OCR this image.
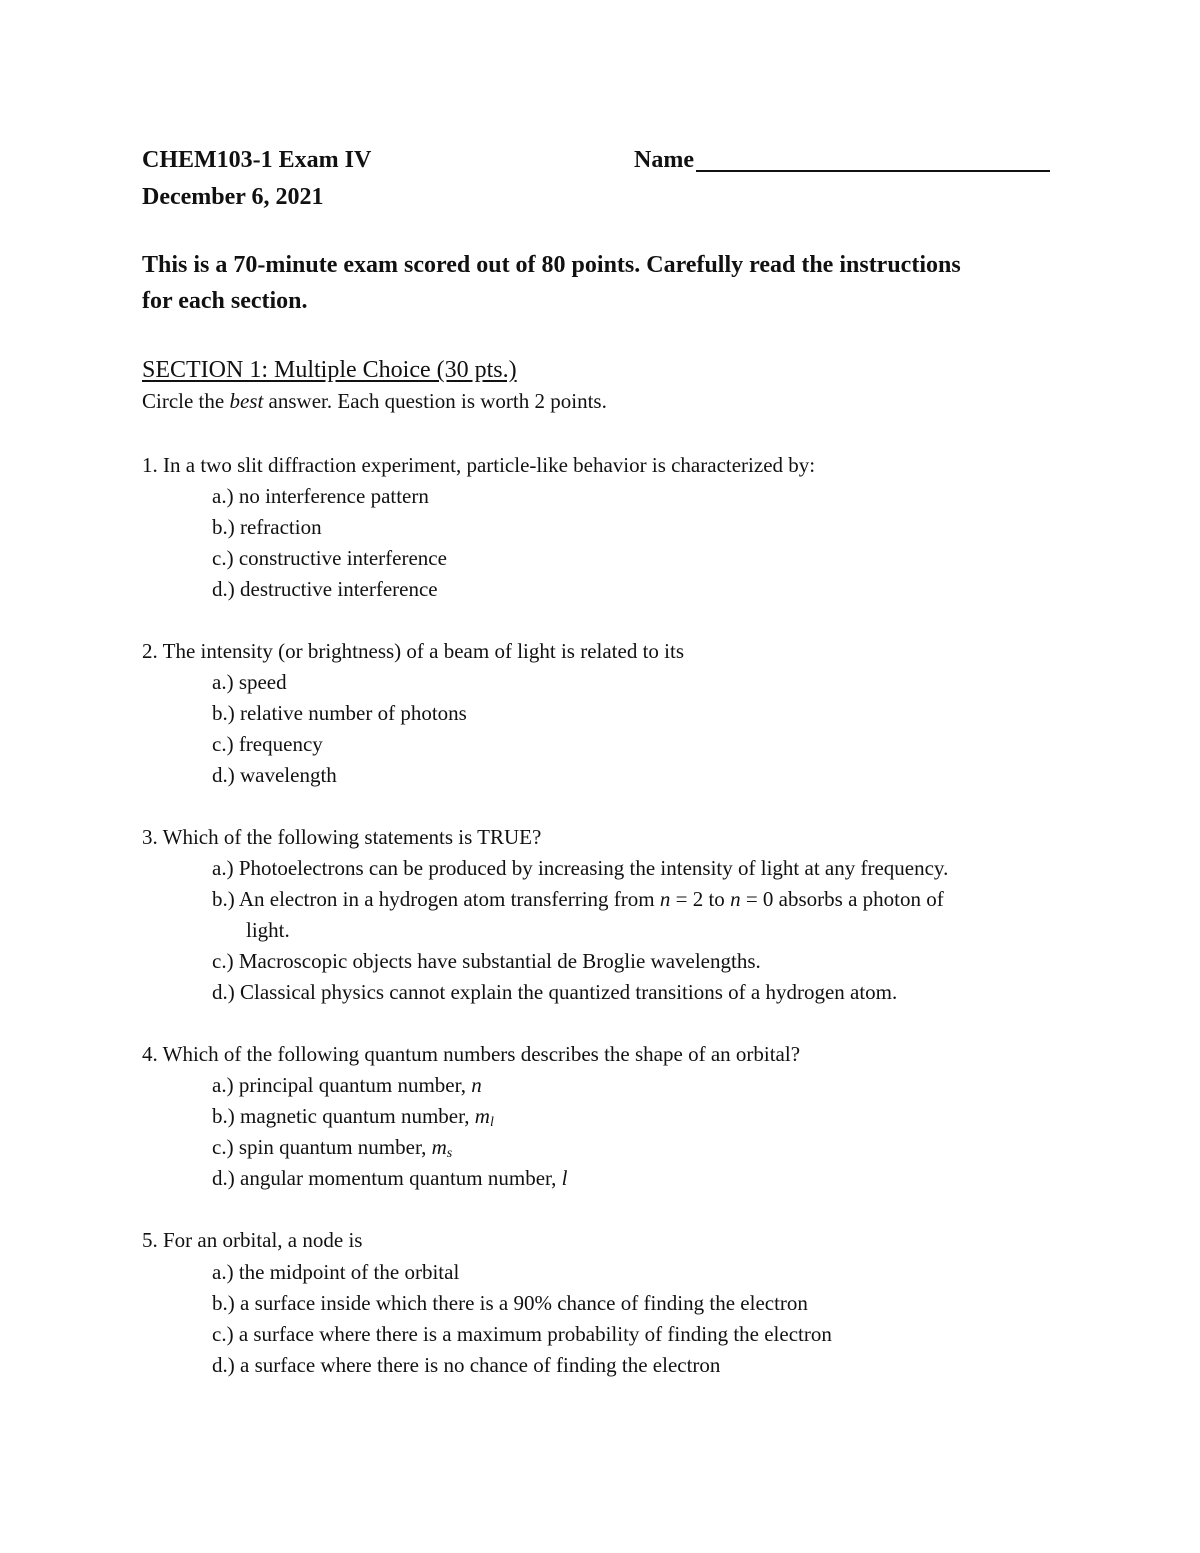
CHEM103-1 Exam IV	Name
December 6, 2021
This is a 70-minute exam scored out of 80 points. Carefully read the instructions
for each section.
SECTION 1: Multiple Choice (30 pts.)
Circle the best answer. Each question is worth 2 points.
1. In a two slit diffraction experiment, particle-like behavior is characterized by:
a.) no interference pattern
b.) refraction
c.) constructive interference
d.) destructive interference
2. The intensity (or brightness) of a beam of light is related to its
a.) speed
b.) relative number of photons
c.) frequency
d.) wavelength
3. Which of the following statements is TRUE?
a.) Photoelectrons can be produced by increasing the intensity of light at any frequency.
b.) An electron in a hydrogen atom transferring from n = 2 to n = 0 absorbs a photon of
light.
c.) Macroscopic objects have substantial de Broglie wavelengths.
d.) Classical physics cannot explain the quantized transitions of a hydrogen atom.
4. Which of the following quantum numbers describes the shape of an orbital?
a.) principal quantum number, n
b.) magnetic quantum number, $m_l$
c.) spin quantum number, $m_s$
d.) angular momentum quantum number, l
5. For an orbital, a node is
a.) the midpoint of the orbital
b.) a surface inside which there is a 90% chance of finding the electron
c.) a surface where there is a maximum probability of finding the electron
d.) a surface where there is no chance of finding the electron
